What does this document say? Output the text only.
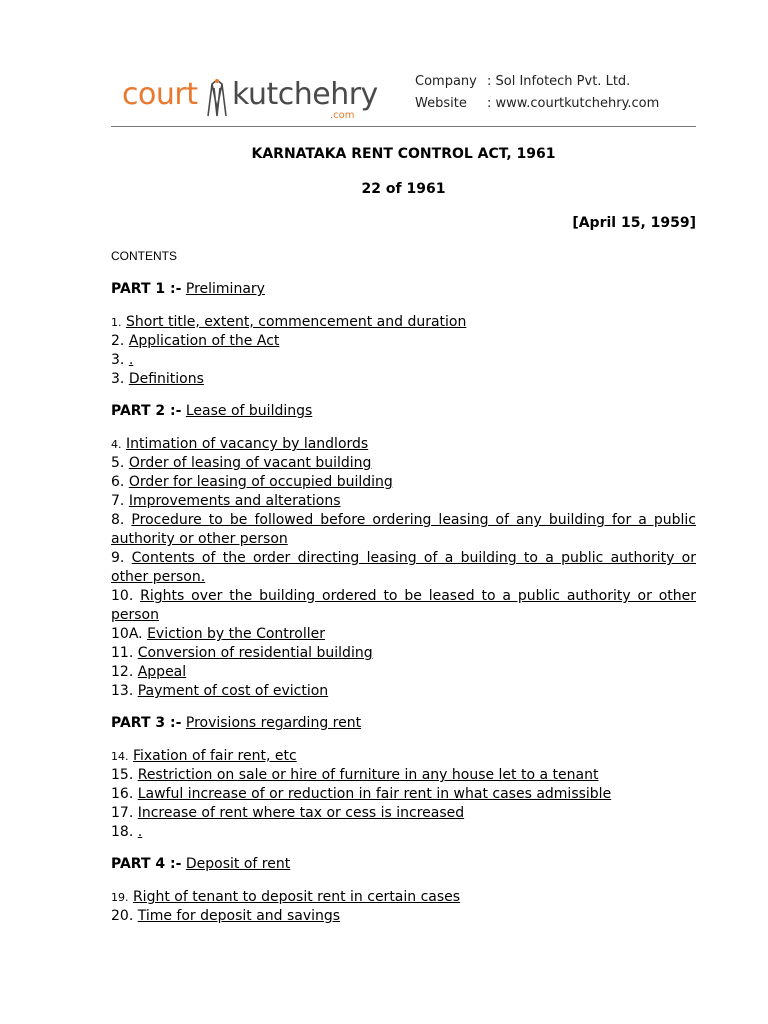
court kutchehry
.com
Company : Sol Infotech Pvt. Ltd.
Website : www.courtkutchehry.com
KARNATAKA RENT CONTROL ACT, 1961
22 of 1961
[April 15, 1959]
CONTENTS

PART 1 :- Preliminary

1. Short title, extent, commencement and duration
2. Application of the Act
3. .
3. Definitions

PART 2 :- Lease of buildings

4. Intimation of vacancy by landlords
5. Order of leasing of vacant building
6. Order for leasing of occupied building
7. Improvements and alterations
8. Procedure to be followed before ordering leasing of any building for a public authority or other person
9. Contents of the order directing leasing of a building to a public authority or other person.
10. Rights over the building ordered to be leased to a public authority or other person
10A. Eviction by the Controller
11. Conversion of residential building
12. Appeal
13. Payment of cost of eviction

PART 3 :- Provisions regarding rent

14. Fixation of fair rent, etc
15. Restriction on sale or hire of furniture in any house let to a tenant
16. Lawful increase of or reduction in fair rent in what cases admissible
17. Increase of rent where tax or cess is increased
18. .

PART 4 :- Deposit of rent

19. Right of tenant to deposit rent in certain cases
20. Time for deposit and savings
